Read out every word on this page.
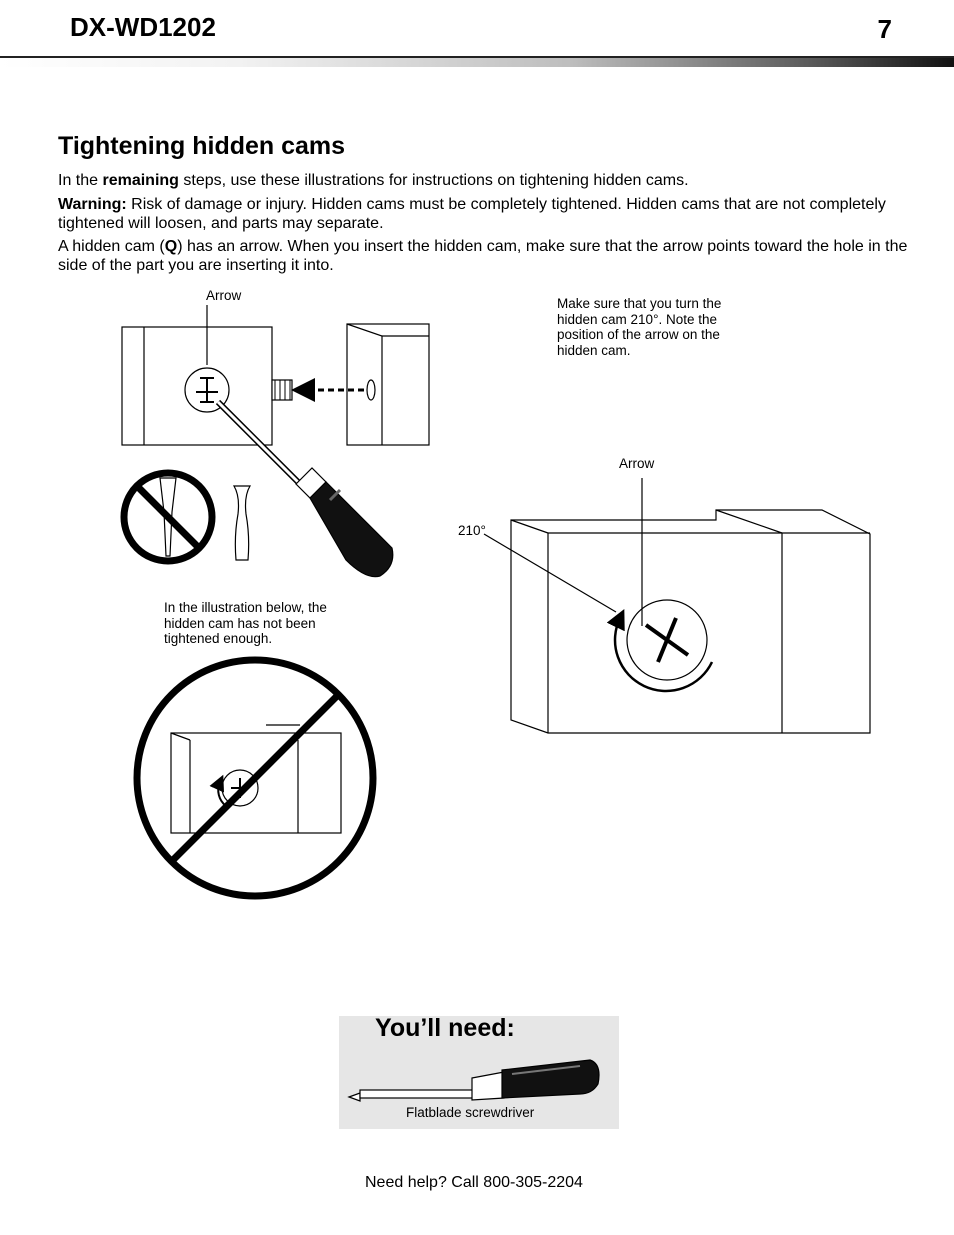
DX-WD1202	7
Tightening hidden cams

In the remaining steps, use these illustrations for instructions on tightening hidden cams.

Warning: Risk of damage or injury. Hidden cams must be completely tightened. Hidden cams that are not completely tightened will loosen, and parts may separate.

A hidden cam (Q) has an arrow. When you insert the hidden cam, make sure that the arrow points toward the hole in the side of the part you are inserting it into.

Arrow
Make sure that you turn the hidden cam 210°. Note the position of the arrow on the hidden cam.
Arrow
210°
In the illustration below, the hidden cam has not been tightened enough.
You’ll need:
Flatblade screwdriver
Need help? Call 800-305-2204
